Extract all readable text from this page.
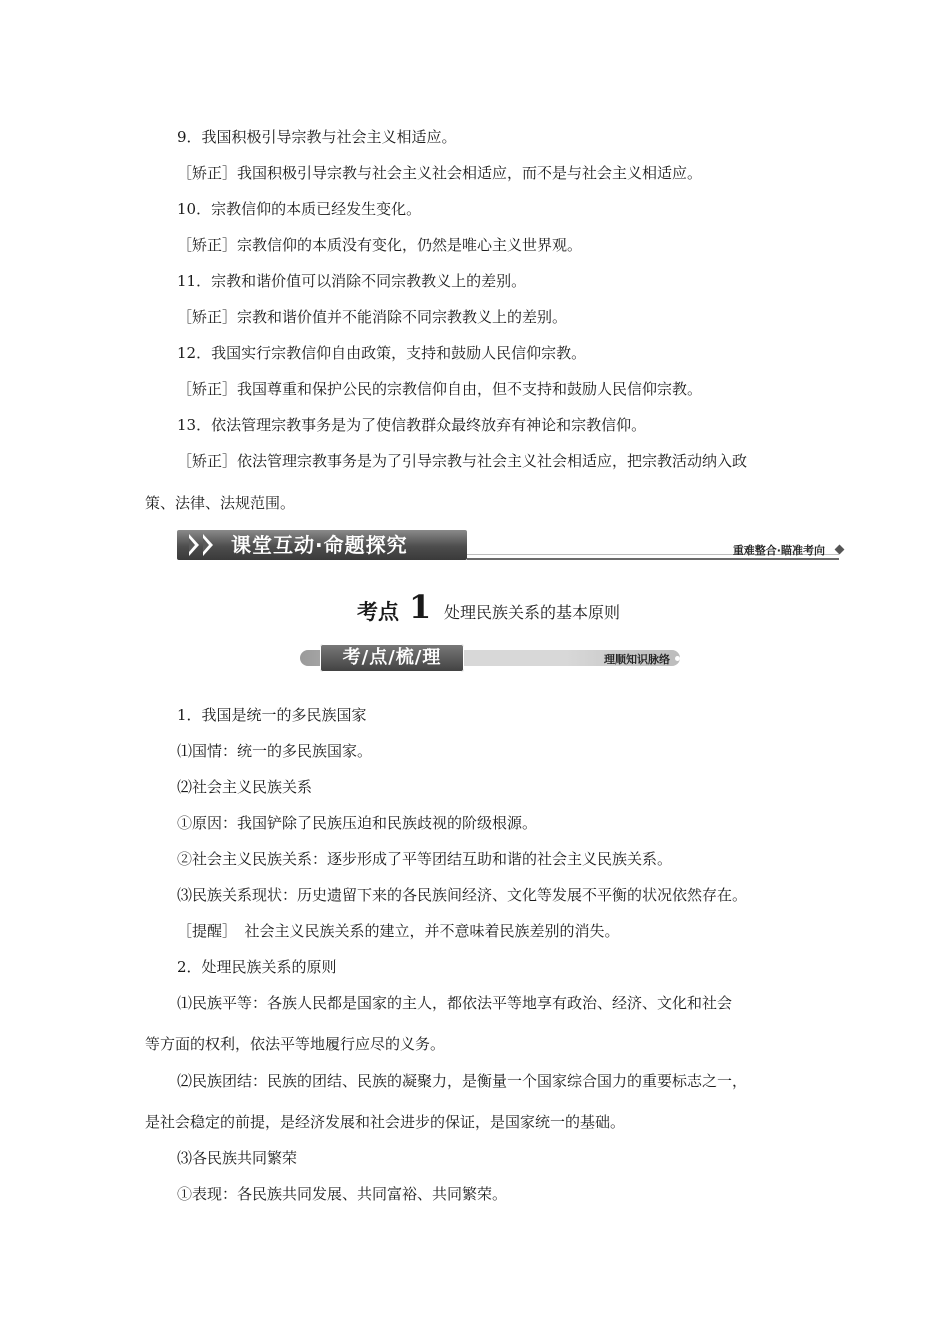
9．我国积极引导宗教与社会主义相适应。
［矫正］我国积极引导宗教与社会主义社会相适应，而不是与社会主义相适应。
10．宗教信仰的本质已经发生变化。
［矫正］宗教信仰的本质没有变化，仍然是唯心主义世界观。
11．宗教和谐价值可以消除不同宗教教义上的差别。
［矫正］宗教和谐价值并不能消除不同宗教教义上的差别。
12．我国实行宗教信仰自由政策，支持和鼓励人民信仰宗教。
［矫正］我国尊重和保护公民的宗教信仰自由，但不支持和鼓励人民信仰宗教。
13．依法管理宗教事务是为了使信教群众最终放弃有神论和宗教信仰。
［矫正］依法管理宗教事务是为了引导宗教与社会主义社会相适应，把宗教活动纳入政
策、法律、法规范围。
课堂互动·命题探究	重难整合·瞄准考向
考点 1 处理民族关系的基本原则
考/点/梳/理	理顺知识脉络
1．我国是统一的多民族国家
⑴国情：统一的多民族国家。
⑵社会主义民族关系
①原因：我国铲除了民族压迫和民族歧视的阶级根源。
②社会主义民族关系：逐步形成了平等团结互助和谐的社会主义民族关系。
⑶民族关系现状：历史遗留下来的各民族间经济、文化等发展不平衡的状况依然存在。
［提醒］　社会主义民族关系的建立，并不意味着民族差别的消失。
2．处理民族关系的原则
⑴民族平等：各族人民都是国家的主人，都依法平等地享有政治、经济、文化和社会
等方面的权利，依法平等地履行应尽的义务。
⑵民族团结：民族的团结、民族的凝聚力，是衡量一个国家综合国力的重要标志之一，
是社会稳定的前提，是经济发展和社会进步的保证，是国家统一的基础。
⑶各民族共同繁荣
①表现：各民族共同发展、共同富裕、共同繁荣。
